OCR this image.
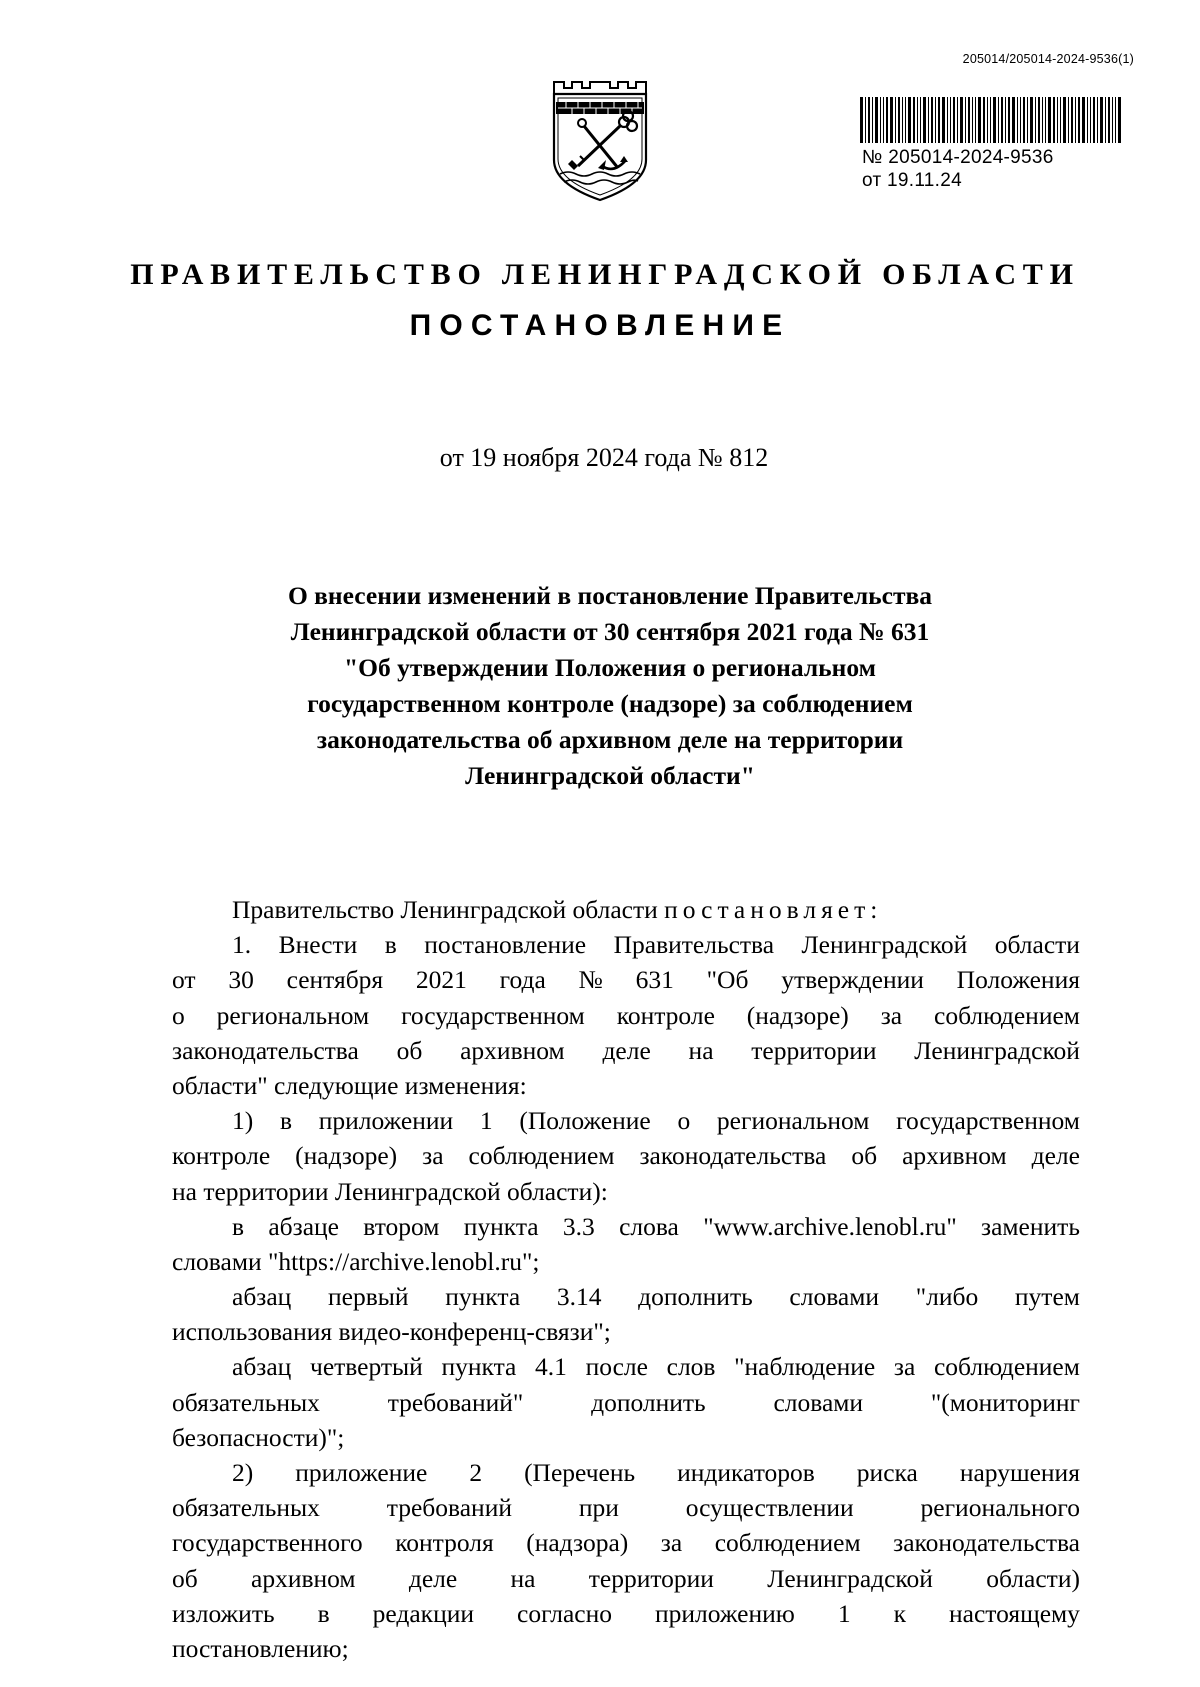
205014/205014-2024-9536(1)
№ 205014-2024-9536
от 19.11.24
ПРАВИТЕЛЬСТВО ЛЕНИНГРАДСКОЙ ОБЛАСТИ
ПОСТАНОВЛЕНИЕ
от 19 ноября 2024 года № 812
О внесении изменений в постановление Правительства
Ленинградской области от 30 сентября 2021 года № 631
"Об утверждении Положения о региональном
государственном контроле (надзоре) за соблюдением
законодательства об архивном деле на территории
Ленинградской области"
Правительство Ленинградской области постановляет:
1. Внести в постановление Правительства Ленинградской области
от 30 сентября 2021 года № 631 "Об утверждении Положения
о региональном государственном контроле (надзоре) за соблюдением
законодательства об архивном деле на территории Ленинградской
области" следующие изменения:
1) в приложении 1 (Положение о региональном государственном
контроле (надзоре) за соблюдением законодательства об архивном деле
на территории Ленинградской области):
в абзаце втором пункта 3.3 слова "www.archive.lenobl.ru" заменить
словами "https://archive.lenobl.ru";
абзац первый пункта 3.14 дополнить словами "либо путем
использования видео-конференц-связи";
абзац четвертый пункта 4.1 после слов "наблюдение за соблюдением
обязательных	требований"	дополнить	словами	"(мониторинг
безопасности)";
2) приложение 2 (Перечень индикаторов риска нарушения
обязательных	требований	при	осуществлении	регионального
государственного контроля (надзора) за соблюдением законодательства
об архивном деле на территории Ленинградской области)
изложить в редакции согласно приложению 1 к настоящему
постановлению;
